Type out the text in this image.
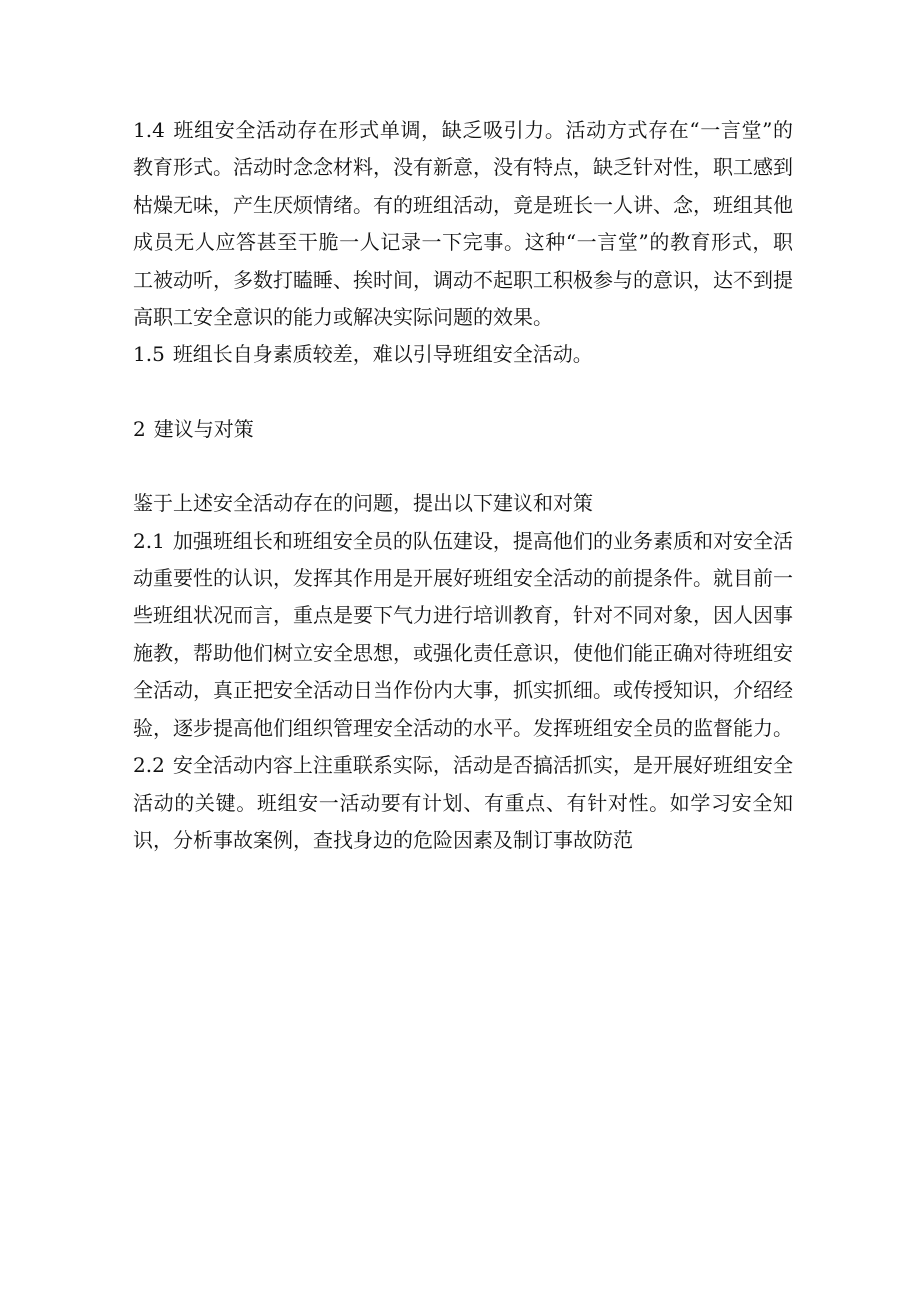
1.4 班组安全活动存在形式单调，缺乏吸引力。活动方式存在“一言堂”的教育形式。活动时念念材料，没有新意，没有特点，缺乏针对性，职工感到枯燥无味，产生厌烦情绪。有的班组活动，竟是班长一人讲、念，班组其他成员无人应答甚至干脆一人记录一下完事。这种“一言堂”的教育形式，职工被动听，多数打瞌睡、挨时间，调动不起职工积极参与的意识，达不到提高职工安全意识的能力或解决实际问题的效果。

1.5 班组长自身素质较差，难以引导班组安全活动。

2 建议与对策

鉴于上述安全活动存在的问题，提出以下建议和对策

2.1 加强班组长和班组安全员的队伍建设，提高他们的业务素质和对安全活动重要性的认识，发挥其作用是开展好班组安全活动的前提条件。就目前一些班组状况而言，重点是要下气力进行培训教育，针对不同对象，因人因事施教，帮助他们树立安全思想，或强化责任意识，使他们能正确对待班组安全活动，真正把安全活动日当作份内大事，抓实抓细。或传授知识，介绍经验，逐步提高他们组织管理安全活动的水平。发挥班组安全员的监督能力。

2.2 安全活动内容上注重联系实际，活动是否搞活抓实，是开展好班组安全活动的关键。班组安一活动要有计划、有重点、有针对性。如学习安全知识，分析事故案例，查找身边的危险因素及制订事故防范
